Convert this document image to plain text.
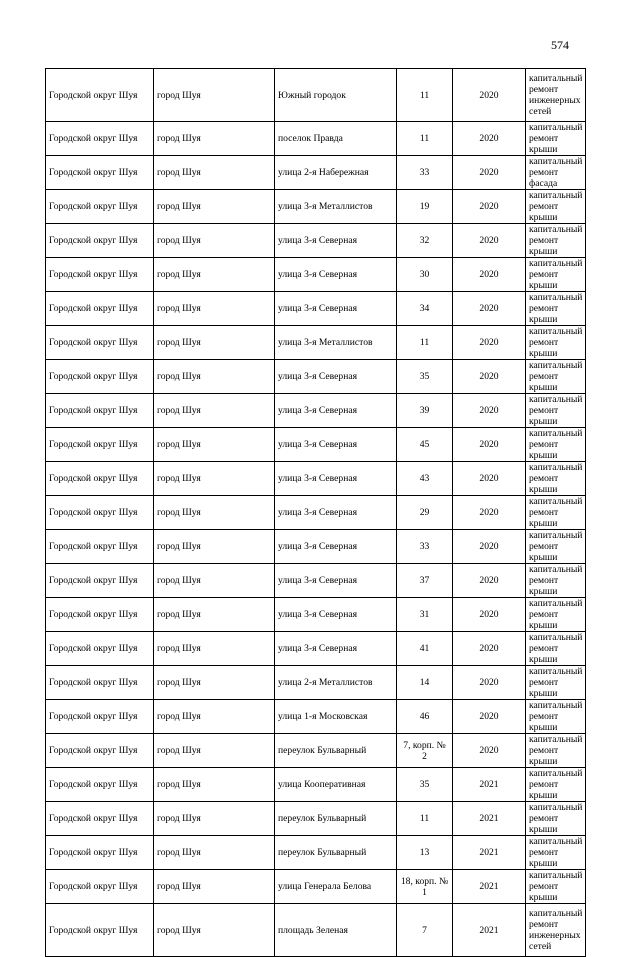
574
Городской округ Шуя	город Шуя	Южный городок	11	2020	капитальный ремонт инженерных сетей
Городской округ Шуя	город Шуя	поселок Правда	11	2020	капитальный ремонт крыши
Городской округ Шуя	город Шуя	улица 2-я Набережная	33	2020	капитальный ремонт фасада
Городской округ Шуя	город Шуя	улица 3-я Металлистов	19	2020	капитальный ремонт крыши
Городской округ Шуя	город Шуя	улица 3-я Северная	32	2020	капитальный ремонт крыши
Городской округ Шуя	город Шуя	улица 3-я Северная	30	2020	капитальный ремонт крыши
Городской округ Шуя	город Шуя	улица 3-я Северная	34	2020	капитальный ремонт крыши
Городской округ Шуя	город Шуя	улица 3-я Металлистов	11	2020	капитальный ремонт крыши
Городской округ Шуя	город Шуя	улица 3-я Северная	35	2020	капитальный ремонт крыши
Городской округ Шуя	город Шуя	улица 3-я Северная	39	2020	капитальный ремонт крыши
Городской округ Шуя	город Шуя	улица 3-я Северная	45	2020	капитальный ремонт крыши
Городской округ Шуя	город Шуя	улица 3-я Северная	43	2020	капитальный ремонт крыши
Городской округ Шуя	город Шуя	улица 3-я Северная	29	2020	капитальный ремонт крыши
Городской округ Шуя	город Шуя	улица 3-я Северная	33	2020	капитальный ремонт крыши
Городской округ Шуя	город Шуя	улица 3-я Северная	37	2020	капитальный ремонт крыши
Городской округ Шуя	город Шуя	улица 3-я Северная	31	2020	капитальный ремонт крыши
Городской округ Шуя	город Шуя	улица 3-я Северная	41	2020	капитальный ремонт крыши
Городской округ Шуя	город Шуя	улица 2-я Металлистов	14	2020	капитальный ремонт крыши
Городской округ Шуя	город Шуя	улица 1-я Московская	46	2020	капитальный ремонт крыши
Городской округ Шуя	город Шуя	переулок Бульварный	7, корп. № 2	2020	капитальный ремонт крыши
Городской округ Шуя	город Шуя	улица Кооперативная	35	2021	капитальный ремонт крыши
Городской округ Шуя	город Шуя	переулок Бульварный	11	2021	капитальный ремонт крыши
Городской округ Шуя	город Шуя	переулок Бульварный	13	2021	капитальный ремонт крыши
Городской округ Шуя	город Шуя	улица Генерала Белова	18, корп. № 1	2021	капитальный ремонт крыши
Городской округ Шуя	город Шуя	площадь Зеленая	7	2021	капитальный ремонт инженерных сетей
